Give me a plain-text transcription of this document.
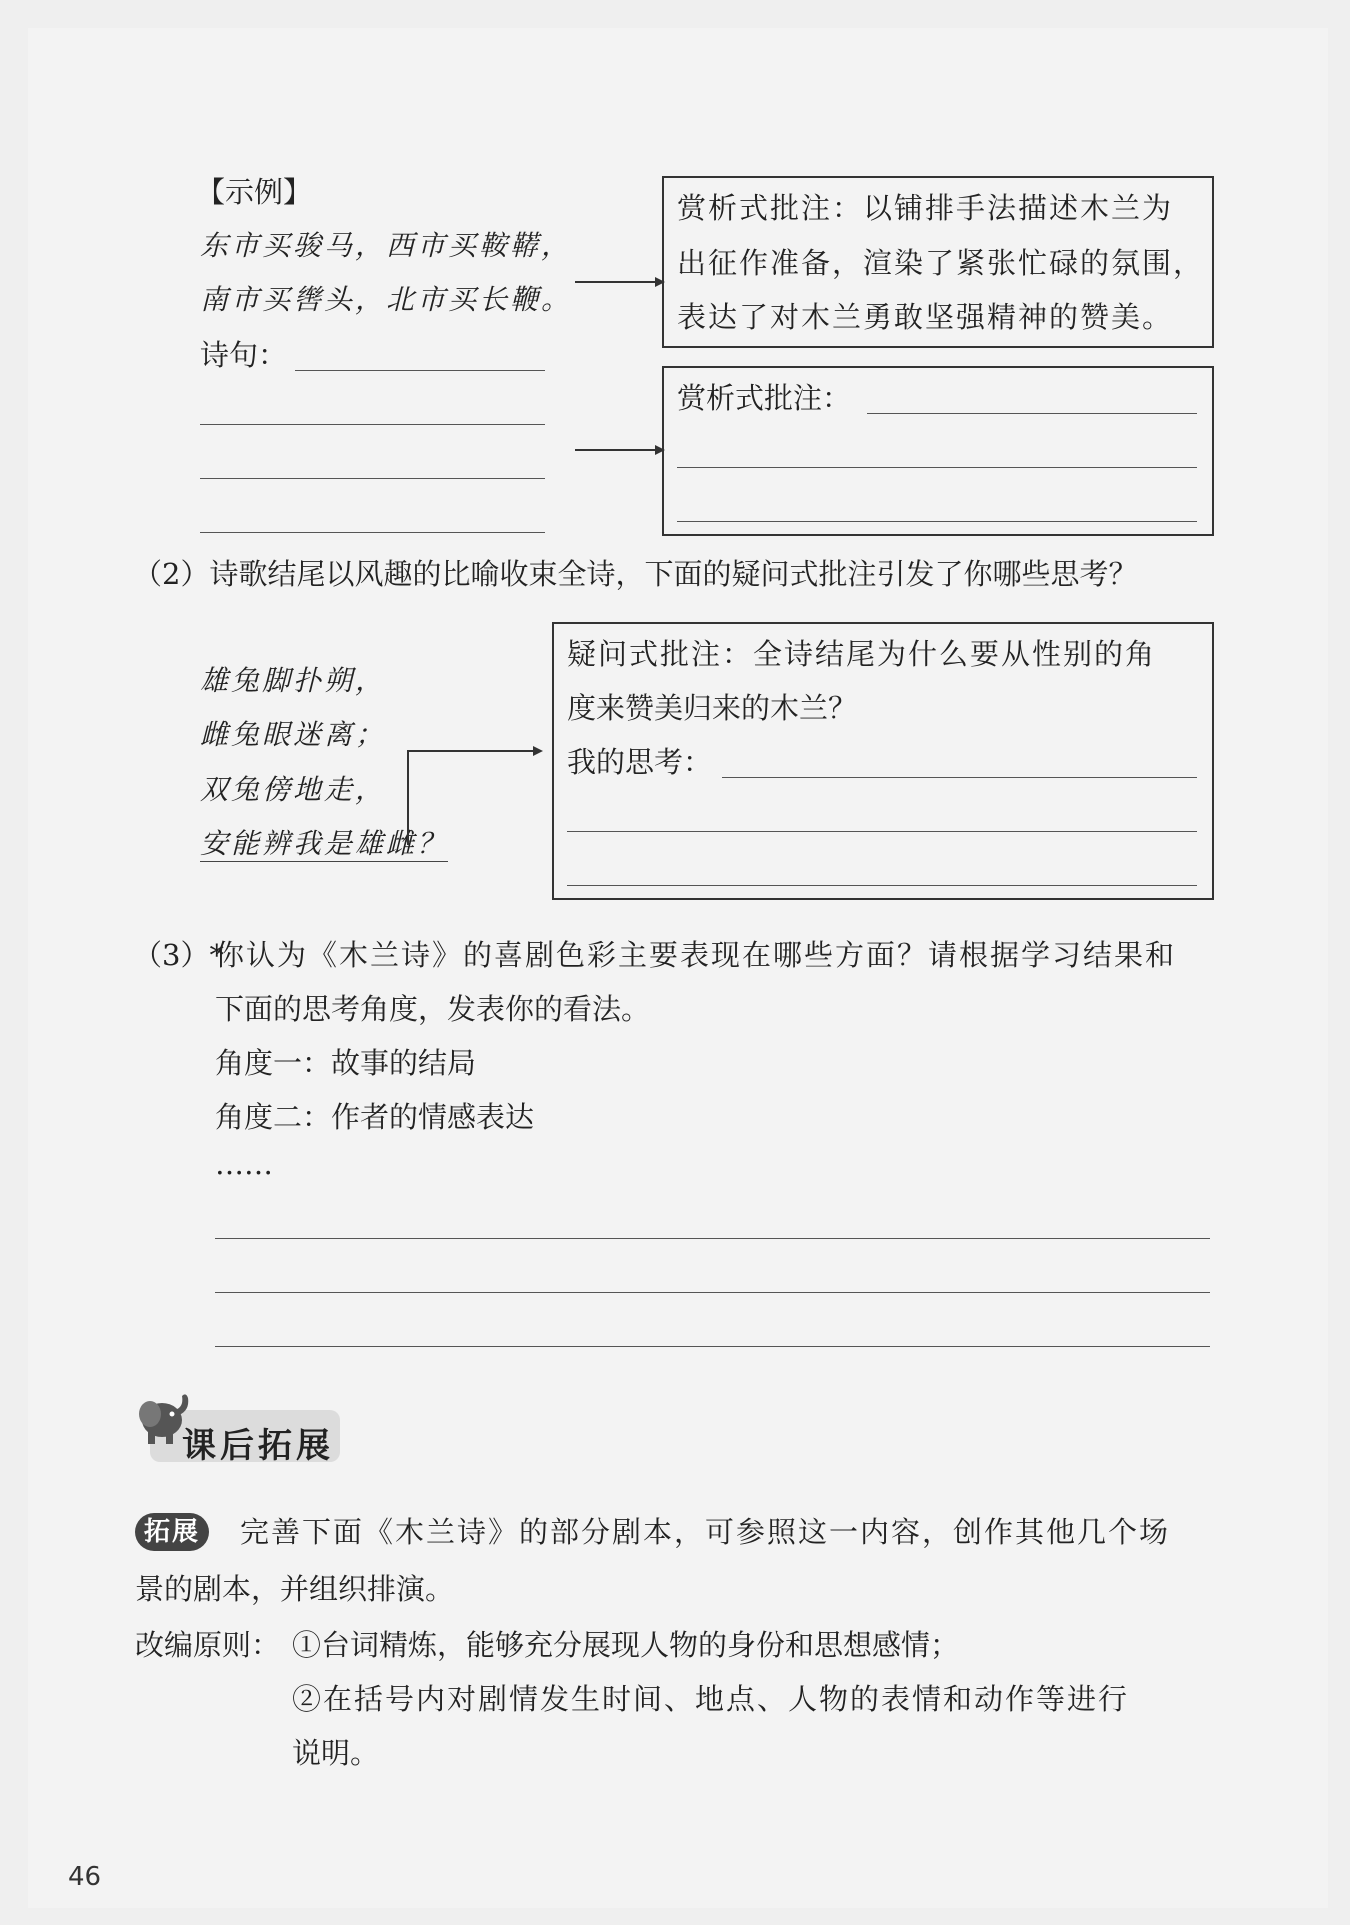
【示例】
东市买骏马，西市买鞍鞯，
南市买辔头，北市买长鞭。
诗句：
赏析式批注：以铺排手法描述木兰为
出征作准备，渲染了紧张忙碌的氛围，
表达了对木兰勇敢坚强精神的赞美。
赏析式批注：
（2）诗歌结尾以风趣的比喻收束全诗，下面的疑问式批注引发了你哪些思考？
雄兔脚扑朔，
雌兔眼迷离；
双兔傍地走，
安能辨我是雄雌？
疑问式批注：全诗结尾为什么要从性别的角
度来赞美归来的木兰？
我的思考：
（3）*
你认为《木兰诗》的喜剧色彩主要表现在哪些方面？请根据学习结果和
下面的思考角度，发表你的看法。
角度一：故事的结局
角度二：作者的情感表达
……
课后拓展
拓展	完善下面《木兰诗》的部分剧本，可参照这一内容，创作其他几个场
景的剧本，并组织排演。
改编原则： ①台词精炼，能够充分展现人物的身份和思想感情；
②在括号内对剧情发生时间、地点、人物的表情和动作等进行
说明。
46
